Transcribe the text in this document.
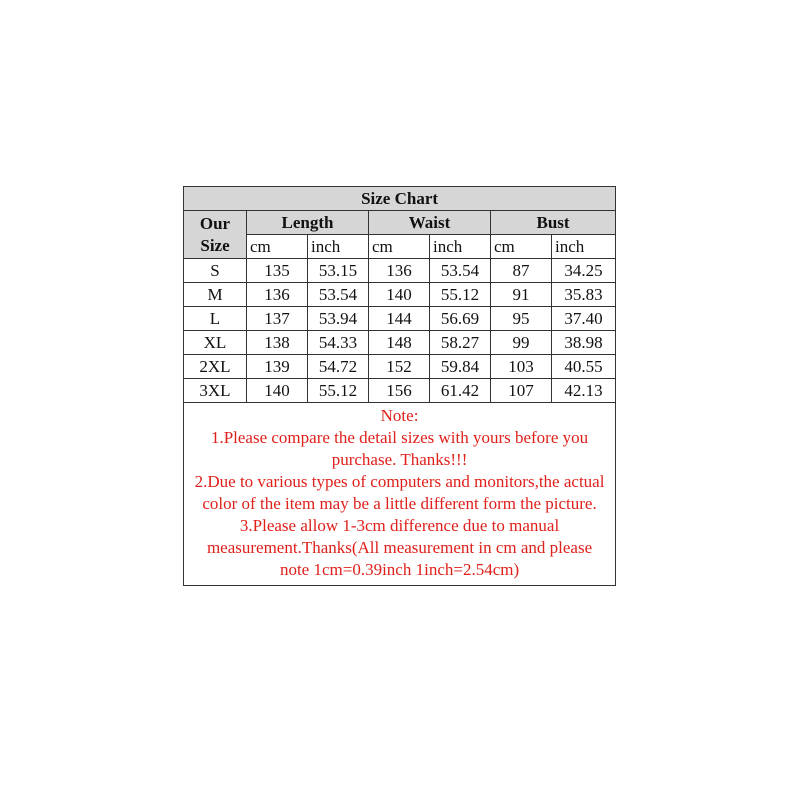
Size Chart						

Our
Size	Length		Waist		Bust	
	cm	inch	cm	inch	cm	inch
S	135	53.15	136	53.54	87	34.25
M	136	53.54	140	55.12	91	35.83
L	137	53.94	144	56.69	95	37.40
XL	138	54.33	148	58.27	99	38.98
2XL	139	54.72	152	59.84	103	40.55
3XL	140	55.12	156	61.42	107	42.13

Note:
1.Please compare the detail sizes with yours before you purchase. Thanks!!!
2.Due to various types of computers and monitors,the actual color of the item may be a little different form the picture.
3.Please allow 1-3cm difference due to manual measurement.Thanks(All measurement in cm and please note 1cm=0.39inch 1inch=2.54cm)						
